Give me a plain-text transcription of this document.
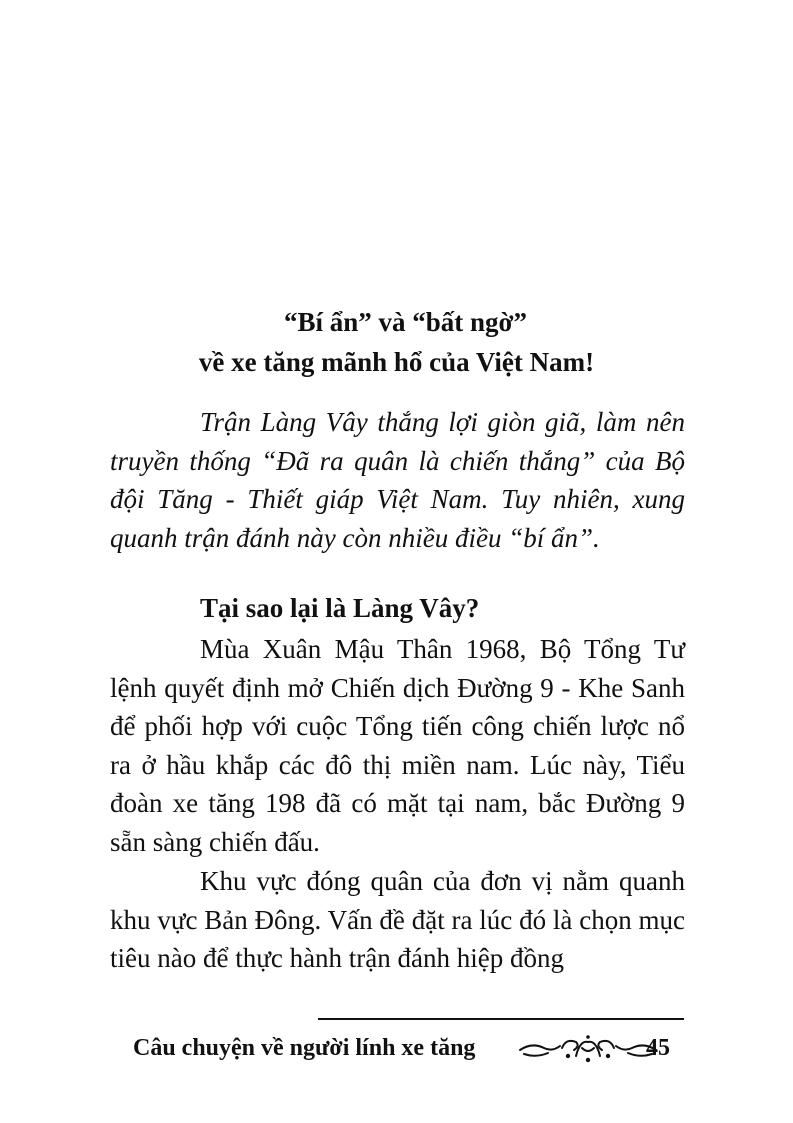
“Bí ẩn” và “bất ngờ”
về xe tăng mãnh hổ của Việt Nam!

Trận Làng Vây thắng lợi giòn giã, làm nên truyền thống “Đã ra quân là chiến thắng” của Bộ đội Tăng - Thiết giáp Việt Nam. Tuy nhiên, xung quanh trận đánh này còn nhiều điều “bí ẩn”.

Tại sao lại là Làng Vây?

Mùa Xuân Mậu Thân 1968, Bộ Tổng Tư lệnh quyết định mở Chiến dịch Đường 9 - Khe Sanh để phối hợp với cuộc Tổng tiến công chiến lược nổ ra ở hầu khắp các đô thị miền nam. Lúc này, Tiểu đoàn xe tăng 198 đã có mặt tại nam, bắc Đường 9 sẵn sàng chiến đấu.

Khu vực đóng quân của đơn vị nằm quanh khu vực Bản Đông. Vấn đề đặt ra lúc đó là chọn mục tiêu nào để thực hành trận đánh hiệp đồng

Câu chuyện về người lính xe tăng	45
